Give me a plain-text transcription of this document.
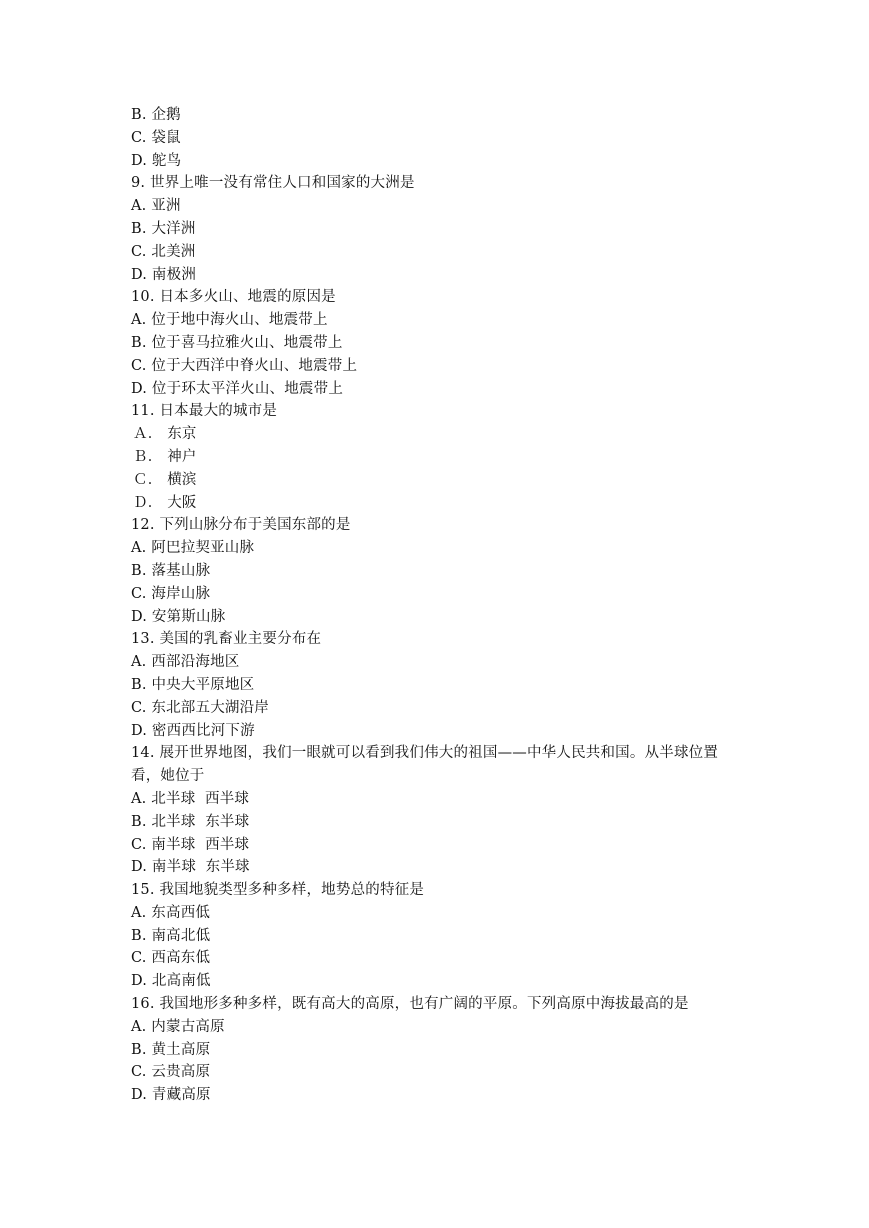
B. 企鹅
C. 袋鼠
D. 鸵鸟
9. 世界上唯一没有常住人口和国家的大洲是
A. 亚洲
B. 大洋洲
C. 北美洲
D. 南极洲
10. 日本多火山、地震的原因是
A. 位于地中海火山、地震带上
B. 位于喜马拉雅火山、地震带上
C. 位于大西洋中脊火山、地震带上
D. 位于环太平洋火山、地震带上
11. 日本最大的城市是
Ａ． 东京
Ｂ． 神户
Ｃ． 横滨
Ｄ． 大阪
12. 下列山脉分布于美国东部的是
A. 阿巴拉契亚山脉
B. 落基山脉
C. 海岸山脉
D. 安第斯山脉
13. 美国的乳畜业主要分布在
A. 西部沿海地区
B. 中央大平原地区
C. 东北部五大湖沿岸
D. 密西西比河下游
14. 展开世界地图，我们一眼就可以看到我们伟大的祖国——中华人民共和国。从半球位置
看，她位于
A. 北半球  西半球
B. 北半球  东半球
C. 南半球  西半球
D. 南半球  东半球
15. 我国地貌类型多种多样，地势总的特征是
A. 东高西低
B. 南高北低
C. 西高东低
D. 北高南低
16. 我国地形多种多样，既有高大的高原，也有广阔的平原。下列高原中海拔最高的是
A. 内蒙古高原
B. 黄土高原
C. 云贵高原
D. 青藏高原
